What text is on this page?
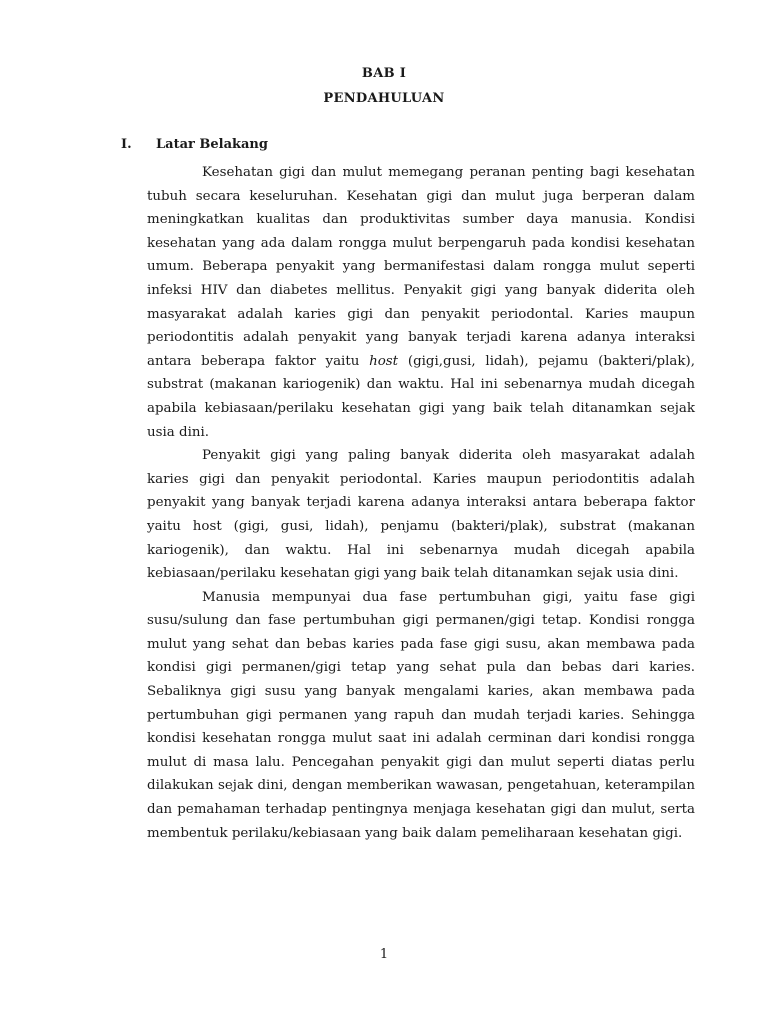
BAB I
PENDAHULUAN
I. Latar Belakang

Kesehatan gigi dan mulut memegang peranan penting bagi kesehatan tubuh secara keseluruhan. Kesehatan gigi dan mulut juga berperan dalam meningkatkan kualitas dan produktivitas sumber daya manusia. Kondisi kesehatan yang ada dalam rongga mulut berpengaruh pada kondisi kesehatan umum. Beberapa penyakit yang bermanifestasi dalam rongga mulut seperti infeksi HIV dan diabetes mellitus. Penyakit gigi yang banyak diderita oleh masyarakat adalah karies gigi dan penyakit periodontal. Karies maupun periodontitis adalah penyakit yang banyak terjadi karena adanya interaksi antara beberapa faktor yaitu host (gigi,gusi, lidah), pejamu (bakteri/plak), substrat (makanan kariogenik) dan waktu. Hal ini sebenarnya mudah dicegah apabila kebiasaan/perilaku kesehatan gigi yang baik telah ditanamkan sejak usia dini.

Penyakit gigi yang paling banyak diderita oleh masyarakat adalah karies gigi dan penyakit periodontal. Karies maupun periodontitis adalah penyakit yang banyak terjadi karena adanya interaksi antara beberapa faktor yaitu host (gigi, gusi, lidah), penjamu (bakteri/plak), substrat (makanan kariogenik), dan waktu. Hal ini sebenarnya mudah dicegah apabila kebiasaan/perilaku kesehatan gigi yang baik telah ditanamkan sejak usia dini.

Manusia mempunyai dua fase pertumbuhan gigi, yaitu fase gigi susu/sulung dan fase pertumbuhan gigi permanen/gigi tetap. Kondisi rongga mulut yang sehat dan bebas karies pada fase gigi susu, akan membawa pada kondisi gigi permanen/gigi tetap yang sehat pula dan bebas dari karies. Sebaliknya gigi susu yang banyak mengalami karies, akan membawa pada pertumbuhan gigi permanen yang rapuh dan mudah terjadi karies. Sehingga kondisi kesehatan rongga mulut saat ini adalah cerminan dari kondisi rongga mulut di masa lalu. Pencegahan penyakit gigi dan mulut seperti diatas perlu dilakukan sejak dini, dengan memberikan wawasan, pengetahuan, keterampilan dan pemahaman terhadap pentingnya menjaga kesehatan gigi dan mulut, serta membentuk perilaku/kebiasaan yang baik dalam pemeliharaan kesehatan gigi.

1
